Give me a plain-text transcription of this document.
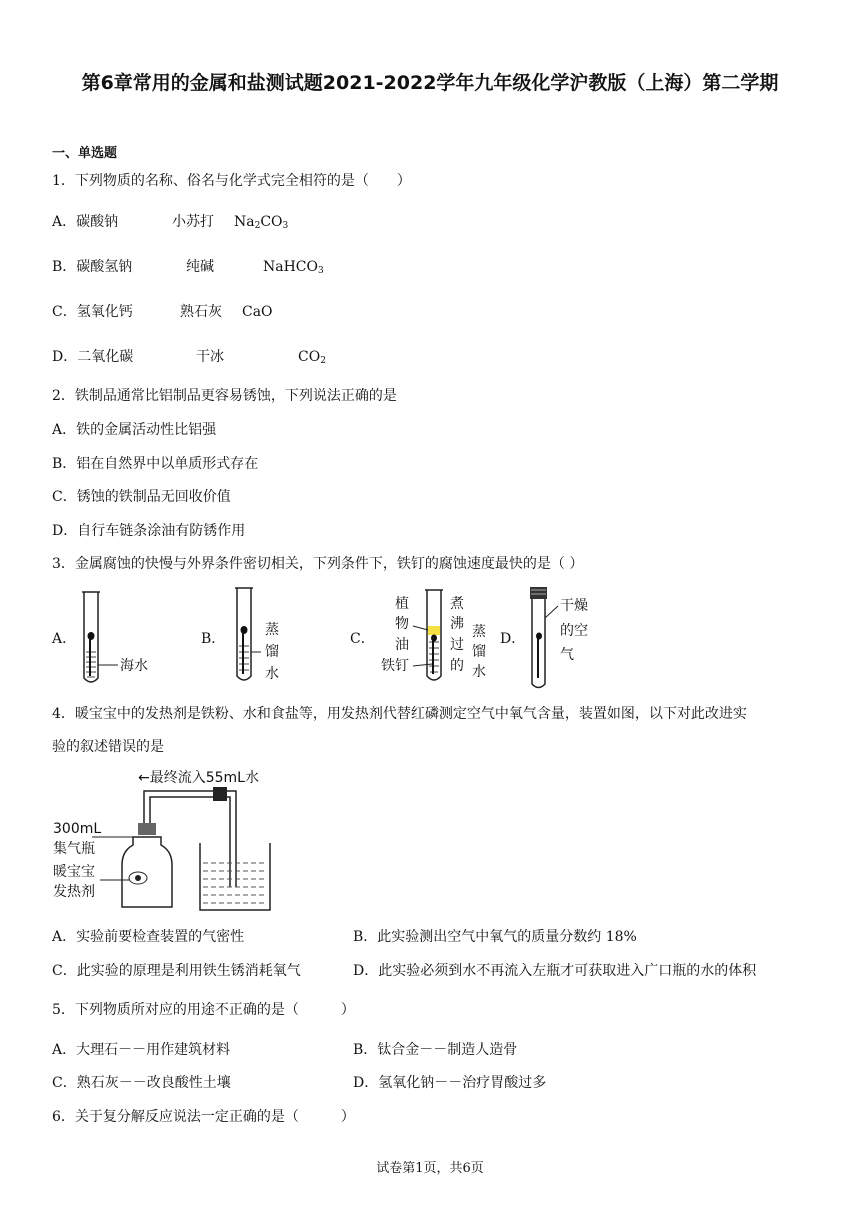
第6章常用的金属和盐测试题2021-2022学年九年级化学沪教版（上海）第二学期
一、单选题
1．下列物质的名称、俗名与化学式完全相符的是（　　）
A．碳酸钠	小苏打 $Na_2CO_3$
B．碳酸氢钠	纯碱	NaHCO$_3$
C．氢氧化钙	熟石灰 CaO
D．二氧化碳	干冰	$CO_2$
2．铁制品通常比铝制品更容易锈蚀，下列说法正确的是
A．铁的金属活动性比铝强
B．铝在自然界中以单质形式存在
C．锈蚀的铁制品无回收价值
D．自行车链条涂油有防锈作用
3．金属腐蚀的快慢与外界条件密切相关，下列条件下，铁钉的腐蚀速度最快的是（ ）
A．	B．	C．	D．
海水
蒸
馏
水
植
物
油
铁钉
煮
沸
过
的
蒸
馏
水
干燥
的空
气
4．暖宝宝中的发热剂是铁粉、水和食盐等，用发热剂代替红磷测定空气中氧气含量，装置如图，以下对此改进实
验的叙述错误的是
←最终流入55mL水
300mL
集气瓶
暖宝宝
发热剂
A．实验前要检查装置的气密性	B．此实验测出空气中氧气的质量分数约 18%
C．此实验的原理是利用铁生锈消耗氧气	D．此实验必须到水不再流入左瓶才可获取进入广口瓶的水的体积
5．下列物质所对应的用途不正确的是（　　　）
A．大理石－－用作建筑材料	B．钛合金－－制造人造骨
C．熟石灰－－改良酸性土壤	D．氢氧化钠－－治疗胃酸过多
6．关于复分解反应说法一定正确的是（　　　）
试卷第1页，共6页
